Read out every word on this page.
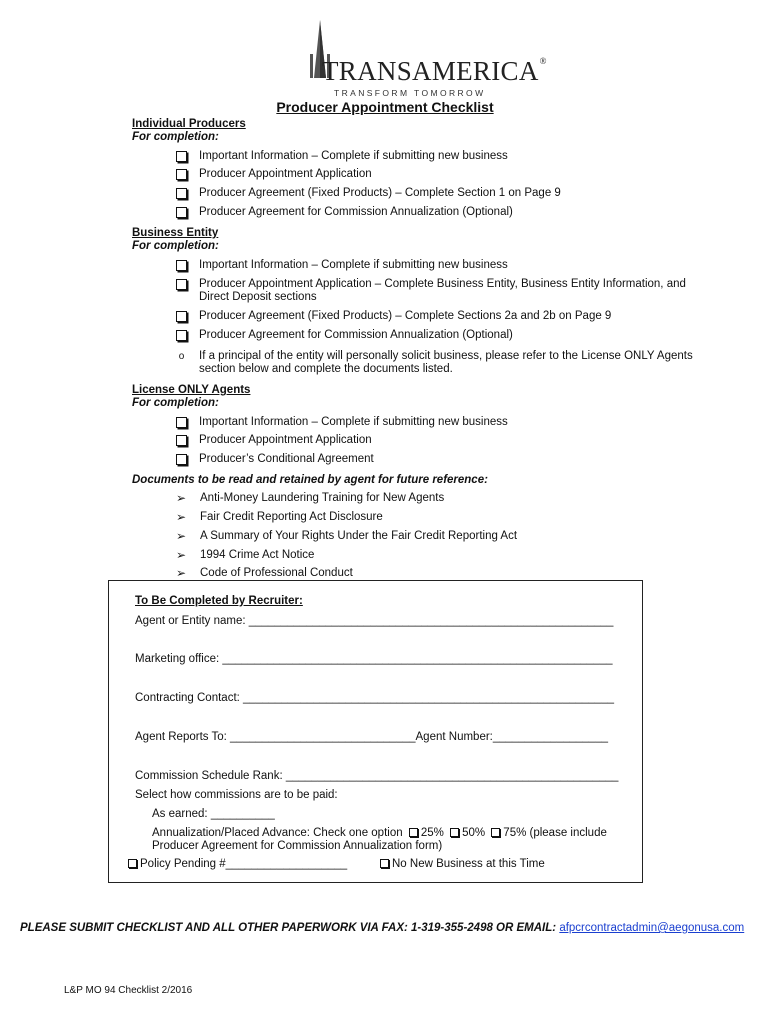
TRANSAMERICA®
TRANSFORM TOMORROW
Producer Appointment Checklist
Individual Producers
For completion:
Important Information – Complete if submitting new business
Producer Appointment Application
Producer Agreement (Fixed Products) – Complete Section 1 on Page 9
Producer Agreement for Commission Annualization (Optional)
Business Entity
For completion:
Important Information – Complete if submitting new business
Producer Appointment Application – Complete Business Entity, Business Entity Information, and Direct Deposit sections
Producer Agreement (Fixed Products) – Complete Sections 2a and 2b on Page 9
Producer Agreement for Commission Annualization (Optional)
o If a principal of the entity will personally solicit business, please refer to the License ONLY Agents section below and complete the documents listed.
License ONLY Agents
For completion:
Important Information – Complete if submitting new business
Producer Appointment Application
Producer’s Conditional Agreement
Documents to be read and retained by agent for future reference:
➢ Anti-Money Laundering Training for New Agents
➢ Fair Credit Reporting Act Disclosure
➢ A Summary of Your Rights Under the Fair Credit Reporting Act
➢ 1994 Crime Act Notice
➢ Code of Professional Conduct
To Be Completed by Recruiter:
Agent or Entity name: _________________________________________________________
Marketing office: _____________________________________________________________
Contracting Contact: __________________________________________________________
Agent Reports To: _____________________________Agent Number:__________________
Commission Schedule Rank: ____________________________________________________
Select how commissions are to be paid:
As earned: __________
Annualization/Placed Advance: Check one option 25% 50% 75% (please include
Producer Agreement for Commission Annualization form)
Policy Pending #___________________	No New Business at this Time
PLEASE SUBMIT CHECKLIST AND ALL OTHER PAPERWORK VIA FAX: 1-319-355-2498 OR EMAIL: afpcrcontractadmin@aegonusa.com
L&P MO 94 Checklist 2/2016
